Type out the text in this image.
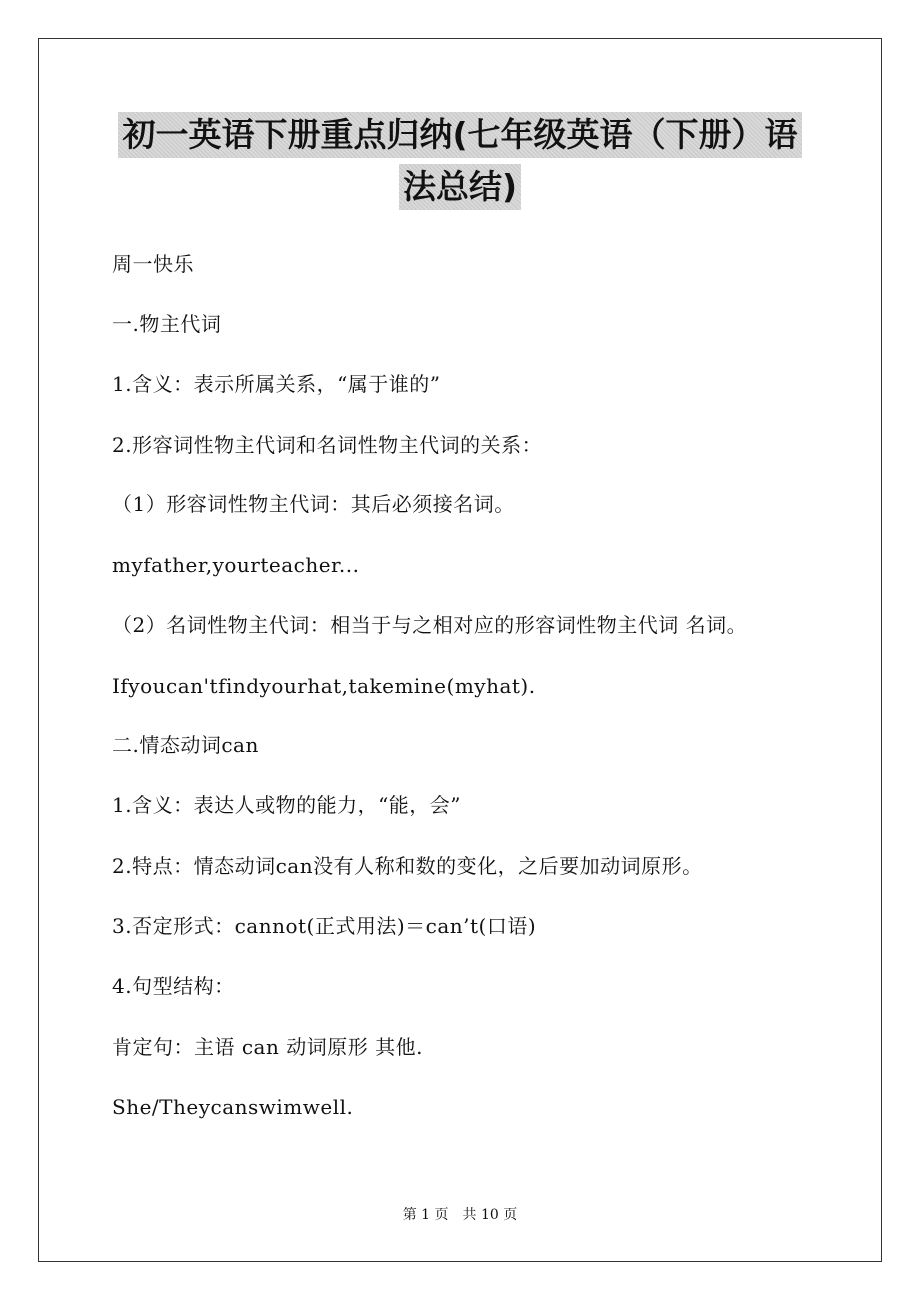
初一英语下册重点归纳(七年级英语（下册）语
法总结)
周一快乐
一.物主代词
1.含义：表示所属关系，“属于谁的”
2.形容词性物主代词和名词性物主代词的关系：
（1）形容词性物主代词：其后必须接名词。
myfather,yourteacher...
（2）名词性物主代词：相当于与之相对应的形容词性物主代词 名词。
Ifyoucan'tfindyourhat,takemine(myhat).
二.情态动词can
1.含义：表达人或物的能力，“能，会”
2.特点：情态动词can没有人称和数的变化，之后要加动词原形。
3.否定形式：cannot(正式用法)＝can’t(口语)
4.句型结构：
肯定句：主语 can 动词原形 其他.
She/Theycanswimwell.
第 1 页　共 10 页
